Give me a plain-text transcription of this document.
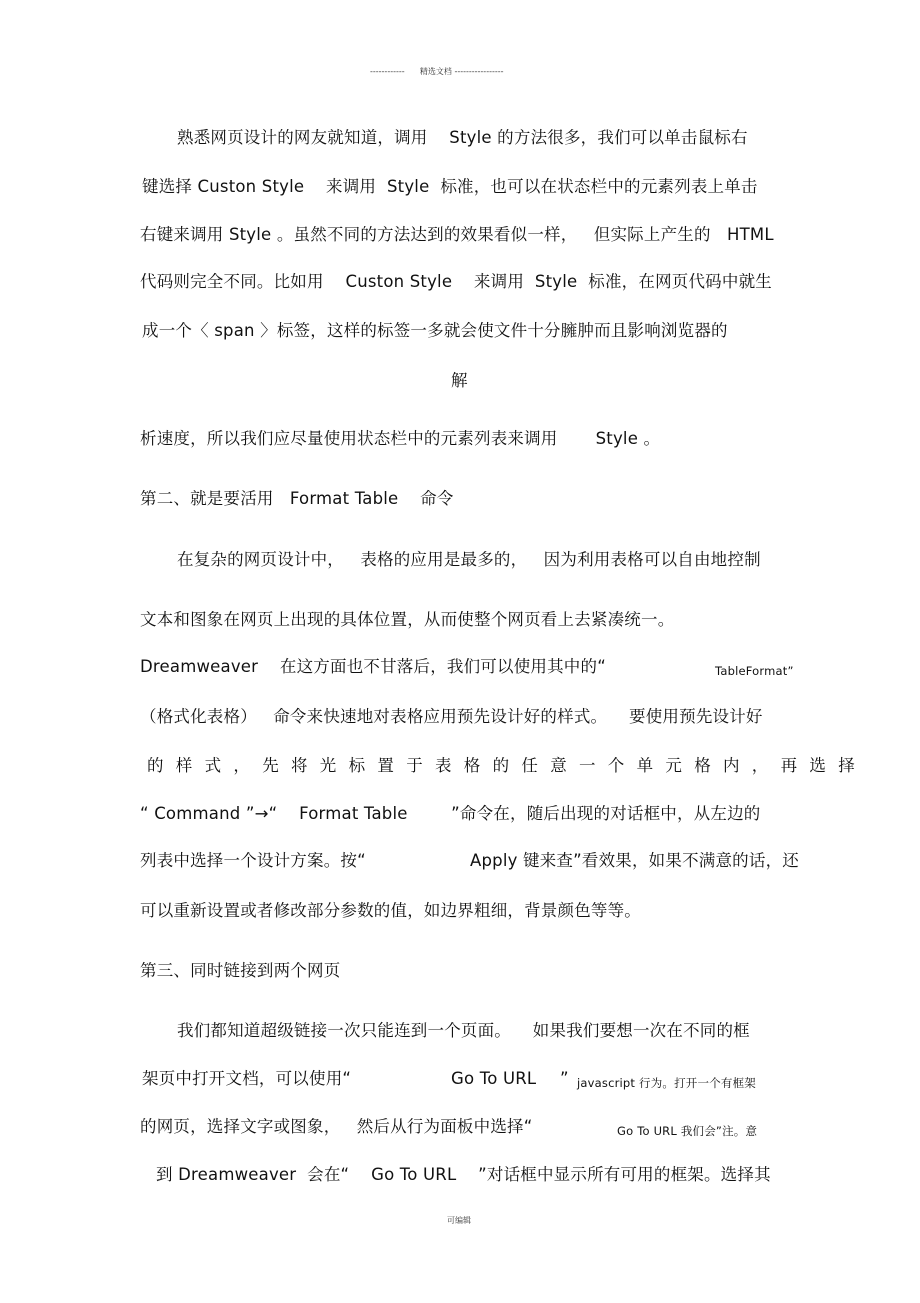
------------      精选文档 -----------------
熟悉网页设计的网友就知道，调用    Style 的方法很多，我们可以单击鼠标右
键选择 Custon Style    来调用  Style  标准，也可以在状态栏中的元素列表上单击
右键来调用 Style 。虽然不同的方法达到的效果看似一样，   但实际上产生的   HTML
代码则完全不同。比如用    Custon Style    来调用  Style  标准，在网页代码中就生
成一个〈 span 〉标签，这样的标签一多就会使文件十分臃肿而且影响浏览器的
解
析速度，所以我们应尽量使用状态栏中的元素列表来调用       Style 。
第二、就是要活用   Format Table    命令
在复杂的网页设计中，   表格的应用是最多的，   因为利用表格可以自由地控制
文本和图象在网页上出现的具体位置，从而使整个网页看上去紧凑统一。
Dreamweaver    在这方面也不甘落后，我们可以使用其中的“	TableFormat”
（格式化表格）   命令来快速地对表格应用预先设计好的样式。    要使用预先设计好
的样式，先将光标置于表格的任意一个单元格内，再选择
“ Command ”→“    Format Table        ”命令在，随后出现的对话框中，从左边的
列表中选择一个设计方案。按“	Apply 键来查”看效果，如果不满意的话，还
可以重新设置或者修改部分参数的值，如边界粗细，背景颜色等等。
第三、同时链接到两个网页
我们都知道超级链接一次只能连到一个页面。    如果我们要想一次在不同的框
架页中打开文档，可以使用“	Go To URL ” javascript 行为。打开一个有框架
的网页，选择文字或图象，   然后从行为面板中选择“	Go To URL 我们会”注。意
到 Dreamweaver  会在“    Go To URL    ”对话框中显示所有可用的框架。选择其
可编辑
